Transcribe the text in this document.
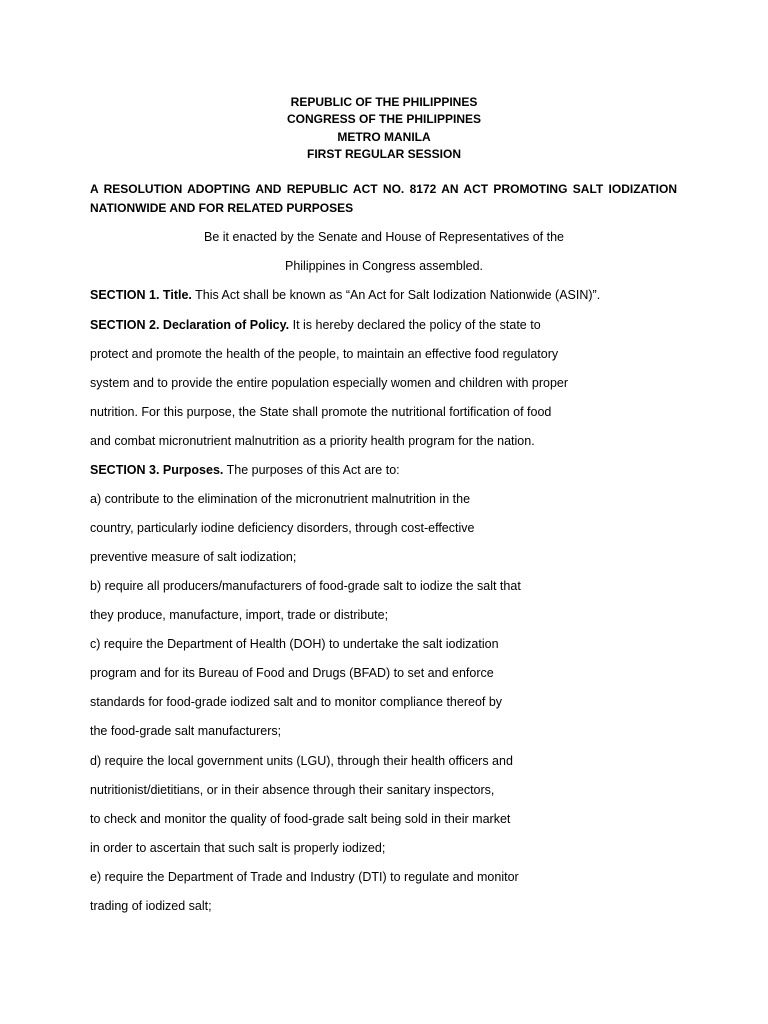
REPUBLIC OF THE PHILIPPINES
CONGRESS OF THE PHILIPPINES
METRO MANILA
FIRST REGULAR SESSION
A RESOLUTION ADOPTING AND REPUBLIC ACT NO. 8172 AN ACT PROMOTING SALT IODIZATION NATIONWIDE AND FOR RELATED PURPOSES
Be it enacted by the Senate and House of Representatives of the
Philippines in Congress assembled.
SECTION 1. Title. This Act shall be known as “An Act for Salt Iodization Nationwide (ASIN)”.
SECTION 2. Declaration of Policy. It is hereby declared the policy of the state to
protect and promote the health of the people, to maintain an effective food regulatory
system and to provide the entire population especially women and children with proper
nutrition. For this purpose, the State shall promote the nutritional fortification of food
and combat micronutrient malnutrition as a priority health program for the nation.
SECTION 3. Purposes. The purposes of this Act are to:
a) contribute to the elimination of the micronutrient malnutrition in the
country, particularly iodine deficiency disorders, through cost-effective
preventive measure of salt iodization;
b) require all producers/manufacturers of food-grade salt to iodize the salt that
they produce, manufacture, import, trade or distribute;
c) require the Department of Health (DOH) to undertake the salt iodization
program and for its Bureau of Food and Drugs (BFAD) to set and enforce
standards for food-grade iodized salt and to monitor compliance thereof by
the food-grade salt manufacturers;
d) require the local government units (LGU), through their health officers and
nutritionist/dietitians, or in their absence through their sanitary inspectors,
to check and monitor the quality of food-grade salt being sold in their market
in order to ascertain that such salt is properly iodized;
e) require the Department of Trade and Industry (DTI) to regulate and monitor
trading of iodized salt;
